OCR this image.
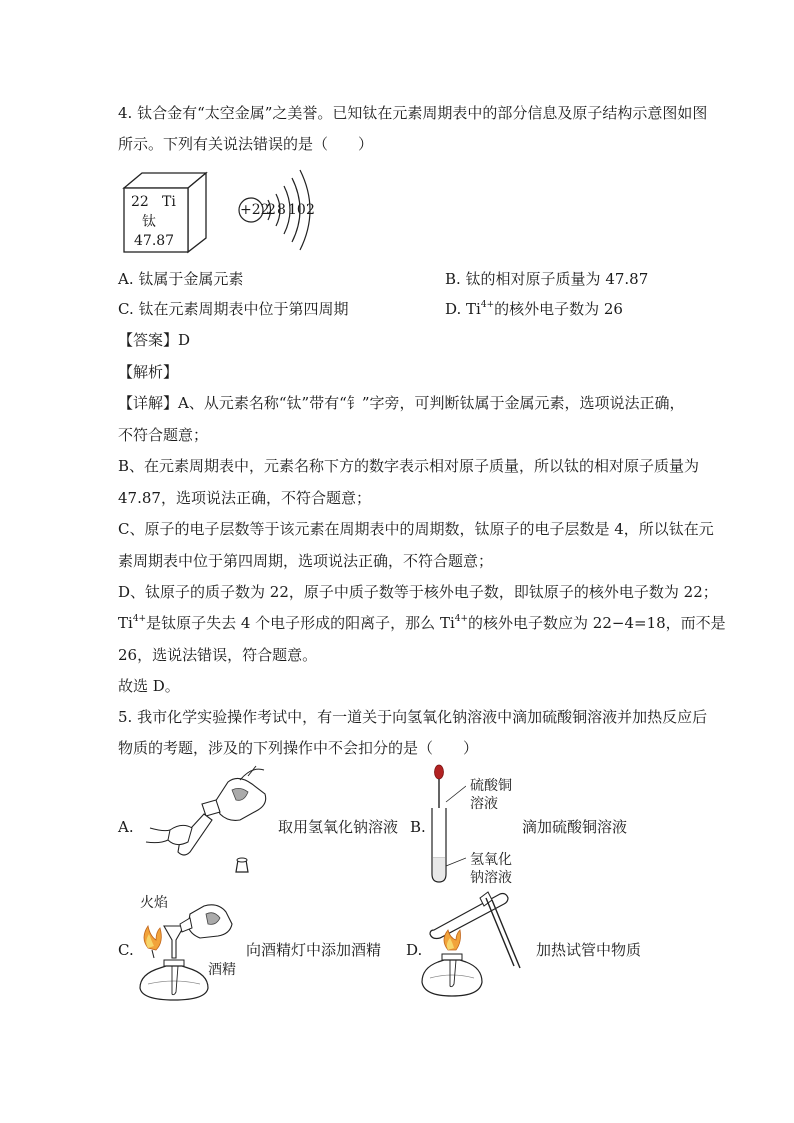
4. 钛合金有“太空金属”之美誉。已知钛在元素周期表中的部分信息及原子结构示意图如图
所示。下列有关说法错误的是（　　）
22 Ti
钛
47.87
+22
2 8 10 2
A. 钛属于金属元素	B. 钛的相对原子质量为 47.87
C. 钛在元素周期表中位于第四周期	D. $Ti^{4+}$的核外电子数为 26
【答案】D
【解析】
【详解】A、从元素名称“钛”带有“钅”字旁，可判断钛属于金属元素，选项说法正确，
不符合题意；
B、在元素周期表中，元素名称下方的数字表示相对原子质量，所以钛的相对原子质量为
47.87，选项说法正确，不符合题意；
C、原子的电子层数等于该元素在周期表中的周期数，钛原子的电子层数是 4，所以钛在元
素周期表中位于第四周期，选项说法正确，不符合题意；
D、钛原子的质子数为 22，原子中质子数等于核外电子数，即钛原子的核外电子数为 22；
$Ti^{4+}$是钛原子失去 4 个电子形成的阳离子，那么 $Ti^{4+}$的核外电子数应为 22−4=18，而不是
26，选说法错误，符合题意。
故选 D。
5. 我市化学实验操作考试中，有一道关于向氢氧化钠溶液中滴加硫酸铜溶液并加热反应后
物质的考题，涉及的下列操作中不会扣分的是（　　）
A.	取用氢氧化钠溶液 B.
硫酸铜
溶液
氢氧化
钠溶液
滴加硫酸铜溶液
C.
火焰
酒精
向酒精灯中添加酒精 D.	加热试管中物质
